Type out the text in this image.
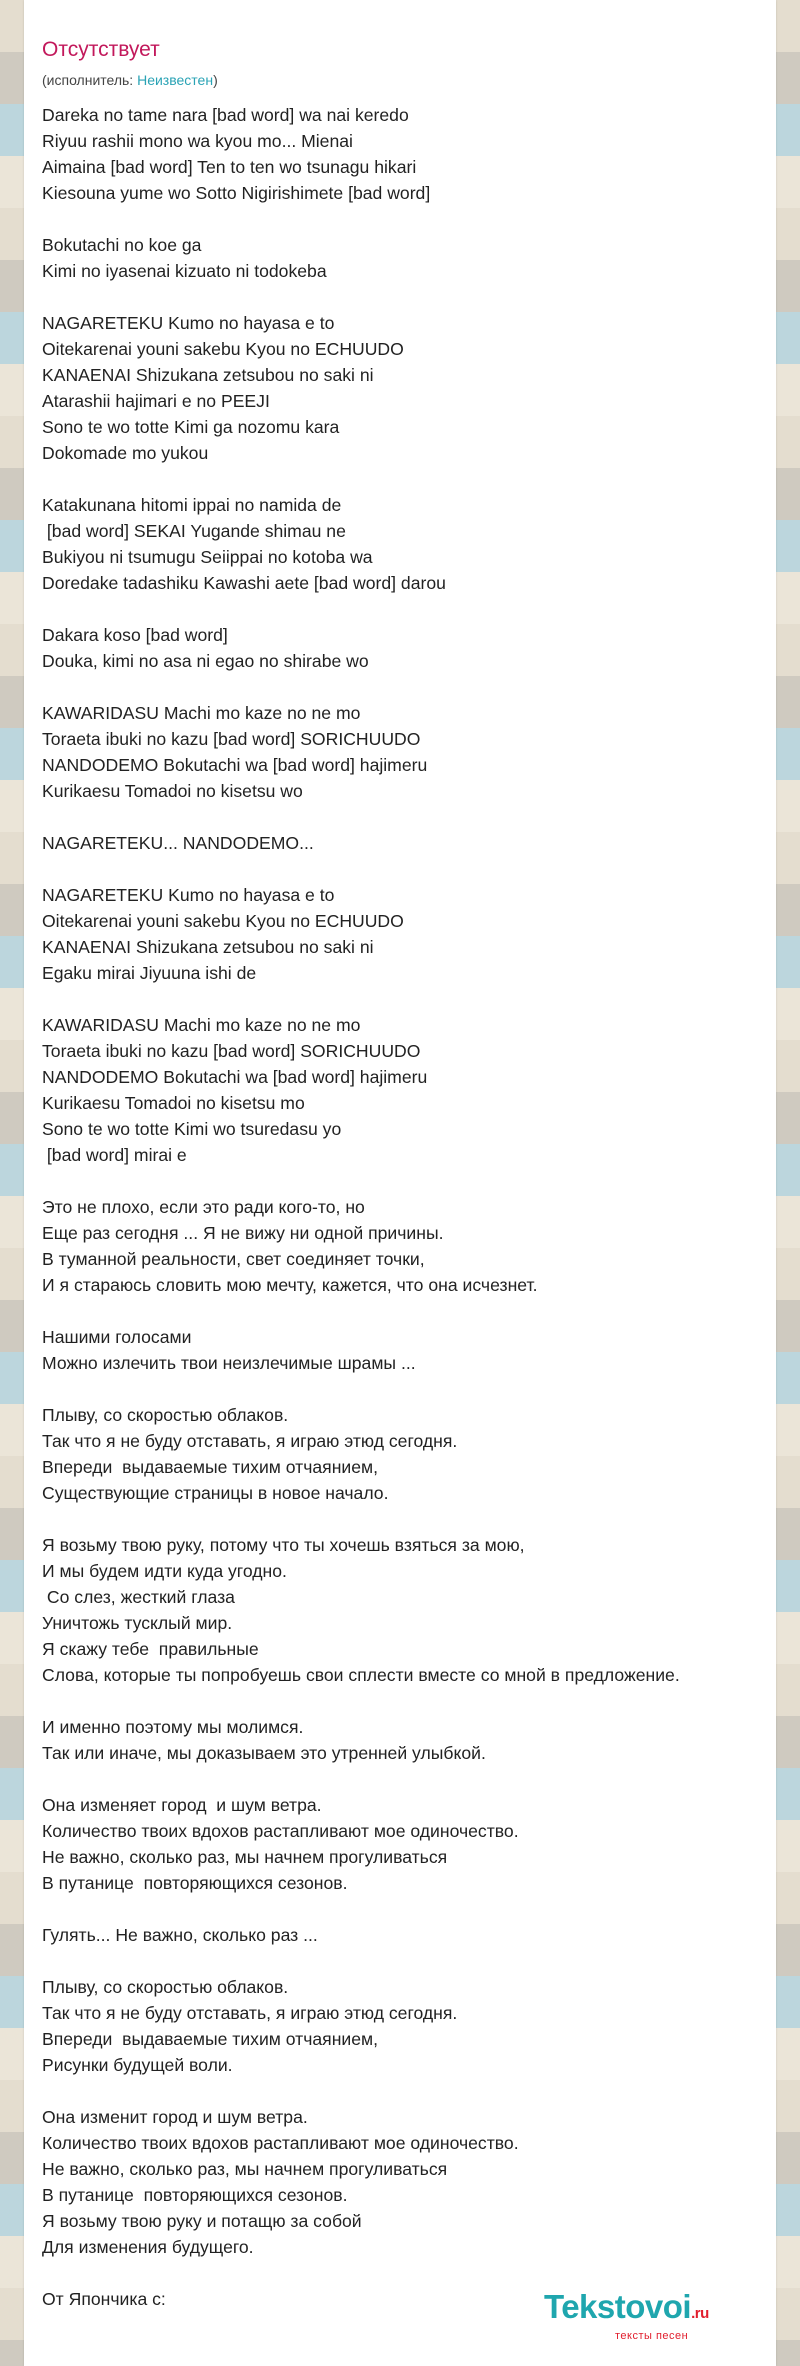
Отсутствует
(исполнитель: Неизвестен)
Dareka no tame nara [bad word] wa nai keredo
Riyuu rashii mono wa kyou mo... Mienai
Aimaina [bad word] Ten to ten wo tsunagu hikari
Kiesouna yume wo Sotto Nigirishimete [bad word]

Bokutachi no koe ga
Kimi no iyasenai kizuato ni todokeba

NAGARETEKU Kumo no hayasa e to
Oitekarenai youni sakebu Kyou no ECHUUDO
KANAENAI Shizukana zetsubou no saki ni
Atarashii hajimari e no PEEJI
Sono te wo totte Kimi ga nozomu kara
Dokomade mo yukou

Katakunana hitomi ippai no namida de
[bad word] SEKAI Yugande shimau ne
Bukiyou ni tsumugu Seiippai no kotoba wa
Doredake tadashiku Kawashi aete [bad word] darou

Dakara koso [bad word]
Douka, kimi no asa ni egao no shirabe wo

KAWARIDASU Machi mo kaze no ne mo
Toraeta ibuki no kazu [bad word] SORICHUUDO
NANDODEMO Bokutachi wa [bad word] hajimeru
Kurikaesu Tomadoi no kisetsu wo

NAGARETEKU... NANDODEMO...

NAGARETEKU Kumo no hayasa e to
Oitekarenai youni sakebu Kyou no ECHUUDO
KANAENAI Shizukana zetsubou no saki ni
Egaku mirai Jiyuuna ishi de

KAWARIDASU Machi mo kaze no ne mo
Toraeta ibuki no kazu [bad word] SORICHUUDO
NANDODEMO Bokutachi wa [bad word] hajimeru
Kurikaesu Tomadoi no kisetsu mo
Sono te wo totte Kimi wo tsuredasu yo
[bad word] mirai e

Это не плохо, если это ради кого-то, но
Еще раз сегодня ... Я не вижу ни одной причины.
В туманной реальности, свет соединяет точки,
И я стараюсь словить мою мечту, кажется, что она исчезнет.

Нашими голосами
Можно излечить твои неизлечимые шрамы ...

Плыву, со скоростью облаков.
Так что я не буду отставать, я играю этюд сегодня.
Впереди  выдаваемые тихим отчаянием,
Существующие страницы в новое начало.

Я возьму твою руку, потому что ты хочешь взяться за мою,
И мы будем идти куда угодно.
Со слез, жесткий глаза
Уничтожь тусклый мир.
Я скажу тебе  правильные
Слова, которые ты попробуешь свои сплести вместе со мной в предложение.

И именно поэтому мы молимся.
Так или иначе, мы доказываем это утренней улыбкой.

Она изменяет город  и шум ветра.
Количество твоих вдохов растапливают мое одиночество.
Не важно, сколько раз, мы начнем прогуливаться
В путанице  повторяющихся сезонов.

Гулять... Не важно, сколько раз ...

Плыву, со скоростью облаков.
Так что я не буду отставать, я играю этюд сегодня.
Впереди  выдаваемые тихим отчаянием,
Рисунки будущей воли.

Она изменит город и шум ветра.
Количество твоих вдохов растапливают мое одиночество.
Не важно, сколько раз, мы начнем прогуливаться
В путанице  повторяющихся сезонов.
Я возьму твою руку и потащю за собой
Для изменения будущего.

От Япончика с:	Tekstovoi.ru
тексты песен
